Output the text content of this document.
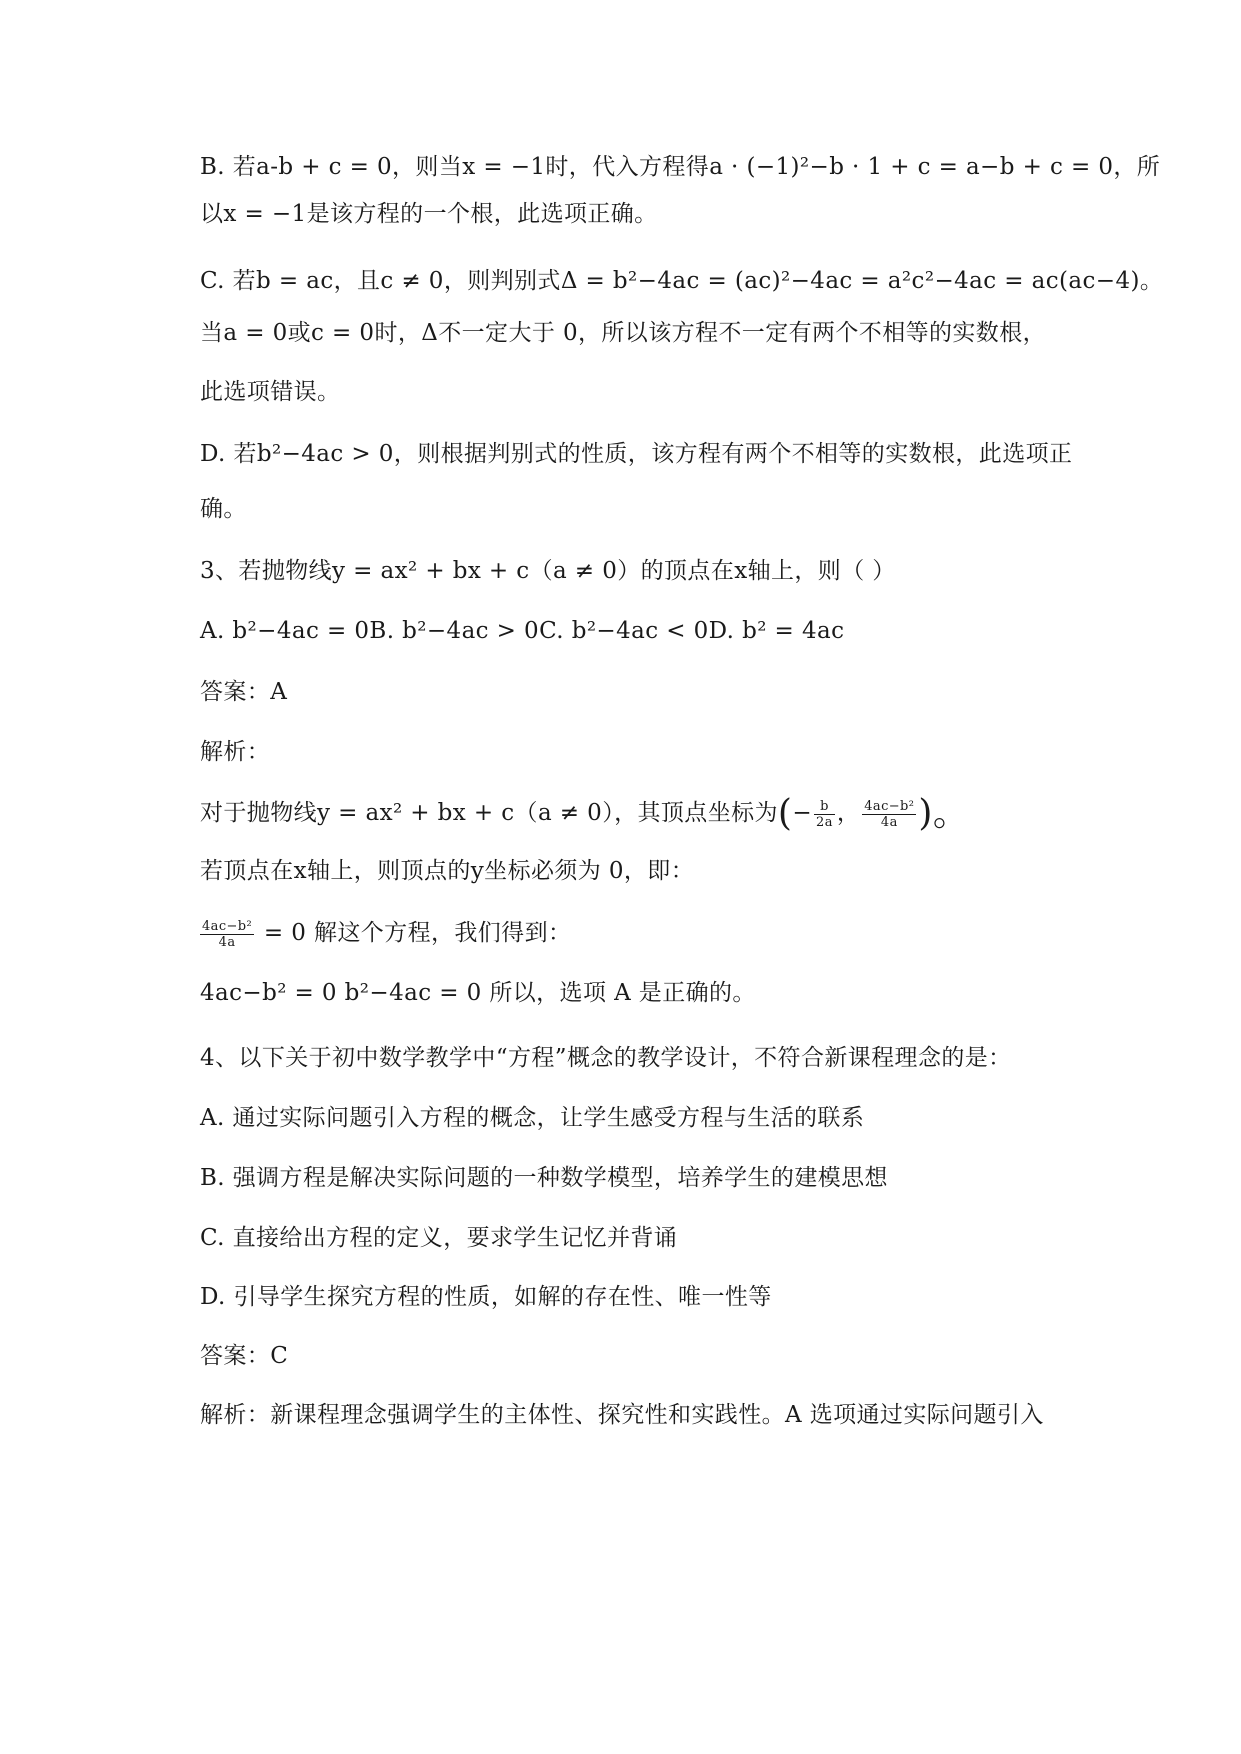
B. 若a-b + c = 0，则当x = −1时，代入方程得a · (−1)²−b · 1 + c = a−b + c = 0，所
以x = −1是该方程的一个根，此选项正确。
C. 若b = ac，且c ≠ 0，则判别式Δ = b²−4ac = (ac)²−4ac = a²c²−4ac = ac(ac−4)。
当a = 0或c = 0时，Δ不一定大于 0，所以该方程不一定有两个不相等的实数根，
此选项错误。
D. 若b²−4ac > 0，则根据判别式的性质，该方程有两个不相等的实数根，此选项正
确。
3、若抛物线y = ax² + bx + c（a ≠ 0）的顶点在x轴上，则（ ）
A. b²−4ac = 0B. b²−4ac > 0C. b²−4ac < 0D. b² = 4ac
答案：A
解析：
对于抛物线y = ax² + bx + c（a ≠ 0），其顶点坐标为(− $\frac{b}{2a}$ ， $\frac{\text{4ac−b²}}{4a}$ )。
若顶点在x轴上，则顶点的y坐标必须为 0，即：
$\frac{\text{4ac−b²}}{4a} = 0$ 解这个方程，我们得到：
4ac−b² = 0 b²−4ac = 0 所以，选项 A 是正确的。
4、以下关于初中数学教学中“方程”概念的教学设计，不符合新课程理念的是：
A. 通过实际问题引入方程的概念，让学生感受方程与生活的联系
B. 强调方程是解决实际问题的一种数学模型，培养学生的建模思想
C. 直接给出方程的定义，要求学生记忆并背诵
D. 引导学生探究方程的性质，如解的存在性、唯一性等
答案：C
解析：新课程理念强调学生的主体性、探究性和实践性。A 选项通过实际问题引入
